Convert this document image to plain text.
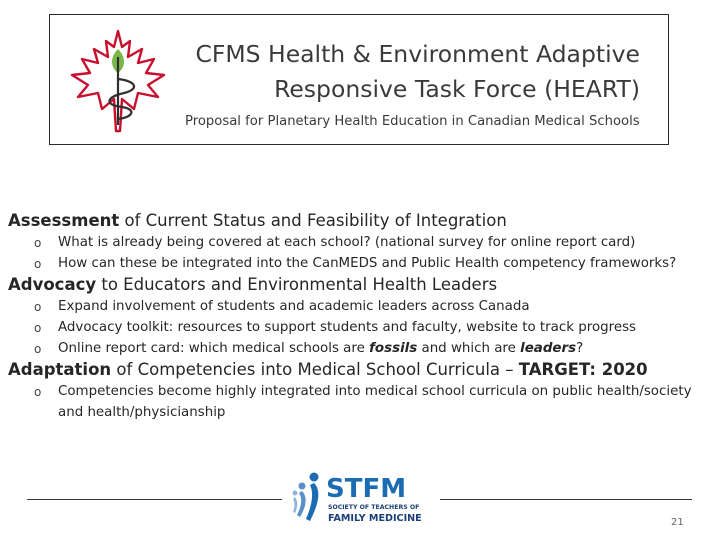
CFMS Health & Environment Adaptive
Responsive Task Force (HEART)
Proposal for Planetary Health Education in Canadian Medical Schools

Assessment of Current Status and Feasibility of Integration

o What is already being covered at each school? (national survey for online report card)
o How can these be integrated into the CanMEDS and Public Health competency frameworks?

Advocacy to Educators and Environmental Health Leaders

o Expand involvement of students and academic leaders across Canada
o Advocacy toolkit: resources to support students and faculty, website to track progress
o Online report card: which medical schools are fossils and which are leaders?

Adaptation of Competencies into Medical School Curricula – TARGET: 2020

o Competencies become highly integrated into medical school curricula on public health/society and health/physicianship
STFM
SOCIETY OF TEACHERS OF
FAMILY MEDICINE	21
